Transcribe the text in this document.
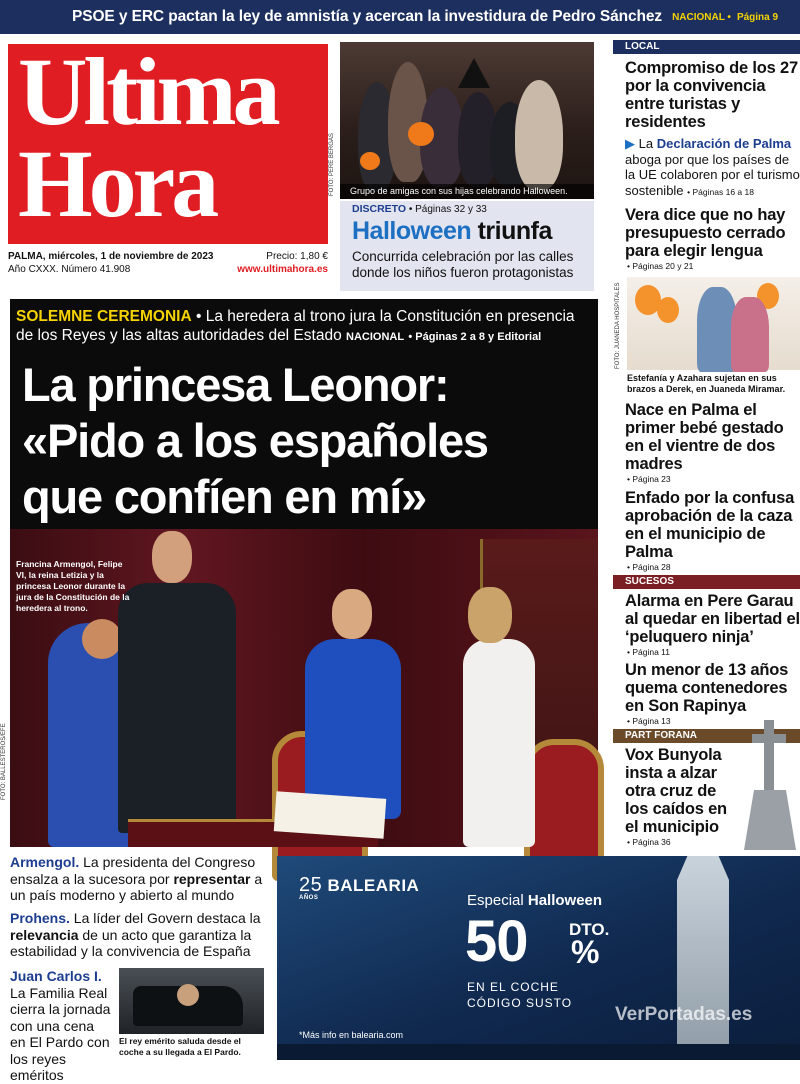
PSOE y ERC pactan la ley de amnistía y acercan la investidura de Pedro Sánchez NACIONAL • Página 9
Ultima
Hora
PALMA, miércoles, 1 de noviembre de 2023	Precio: 1,80 €
Año CXXX. Número 41.908	www.ultimahora.es
Grupo de amigas con sus hijas celebrando Halloween.
FOTO: PERE BERGAS
DISCRETO • Páginas 32 y 33
Halloween triunfa
Concurrida celebración por las calles donde los niños fueron protagonistas
LOCAL
Compromiso de los 27 por la convivencia entre turistas y residentes
▶ La Declaración de Palma aboga por que los países de la UE colaboren por el turismo sostenible • Páginas 16 a 18
Vera dice que no hay presupuesto cerrado para elegir lengua
• Páginas 20 y 21
FOTO: JUANEDA HOSPITALES
Estefanía y Azahara sujetan en sus brazos a Derek, en Juaneda Miramar.
Nace en Palma el primer bebé gestado en el vientre de dos madres
• Página 23
Enfado por la confusa aprobación de la caza en el municipio de Palma
• Página 28
SUCESOS
Alarma en Pere Garau al quedar en libertad el ‘peluquero ninja’
• Página 11
Un menor de 13 años quema contenedores en Son Rapinya
• Página 13
PART FORANA
Vox Bunyola insta a alzar otra cruz de los caídos en el municipio
• Página 36
SOLEMNE CEREMONIA • La heredera al trono jura la Constitución en presencia de los Reyes y las altas autoridades del Estado NACIONAL • Páginas 2 a 8 y Editorial
La princesa Leonor:
«Pido a los españoles
que confíen en mí»
Francina Armengol, Felipe VI, la reina Letizia y la princesa Leonor durante la jura de la Constitución de la heredera al trono.
FOTO: BALLESTEROS/EFE
Armengol. La presidenta del Congreso ensalza a la sucesora por representar a un país moderno y abierto al mundo
Prohens. La líder del Govern destaca la relevancia de un acto que garantiza la estabilidad y la convivencia de España
Juan Carlos I.
La Familia Real cierra la jornada con una cena en El Pardo con los reyes eméritos
El rey emérito saluda desde el coche a su llegada a El Pardo.
25 BALEARIA
AÑOS	Especial Halloween
50 DTO.
%
EN EL COCHE
CÓDIGO SUSTO
*Más info en balearia.com
VerPortadas.es
